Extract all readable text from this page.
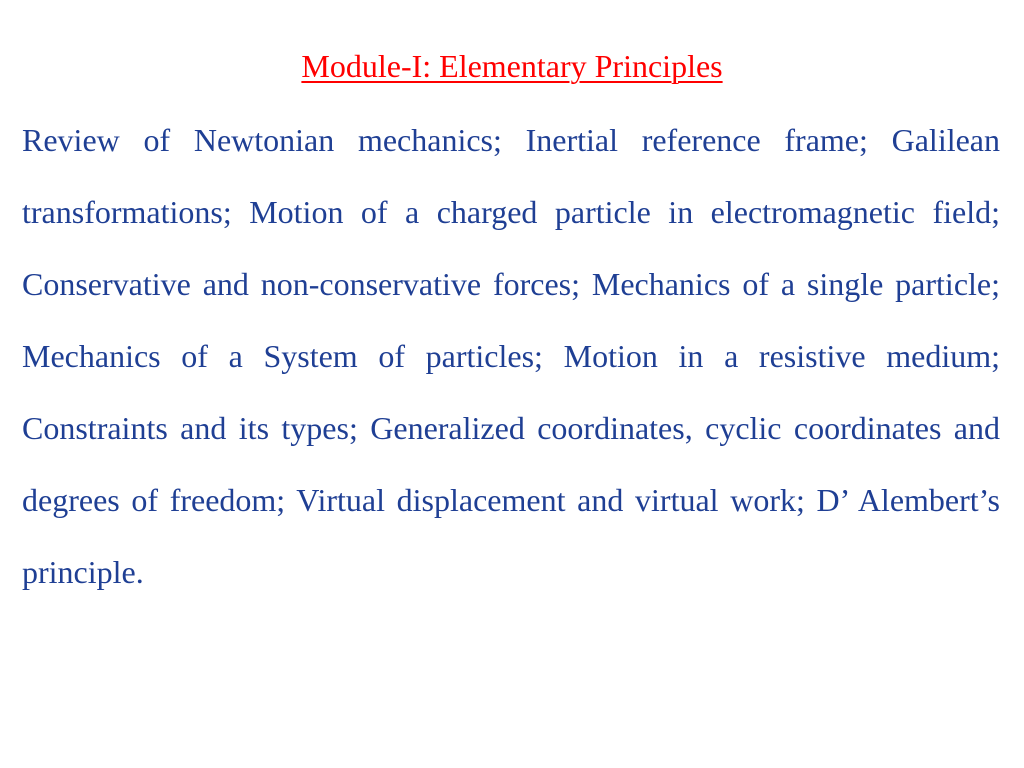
Module-I: Elementary Principles

Review of Newtonian mechanics; Inertial reference frame; Galilean transformations; Motion of a charged particle in electromagnetic field; Conservative and non-conservative forces; Mechanics of a single particle; Mechanics of a System of particles; Motion in a resistive medium; Constraints and its types; Generalized coordinates, cyclic coordinates and degrees of freedom; Virtual displacement and virtual work; D’ Alembert’s principle.
